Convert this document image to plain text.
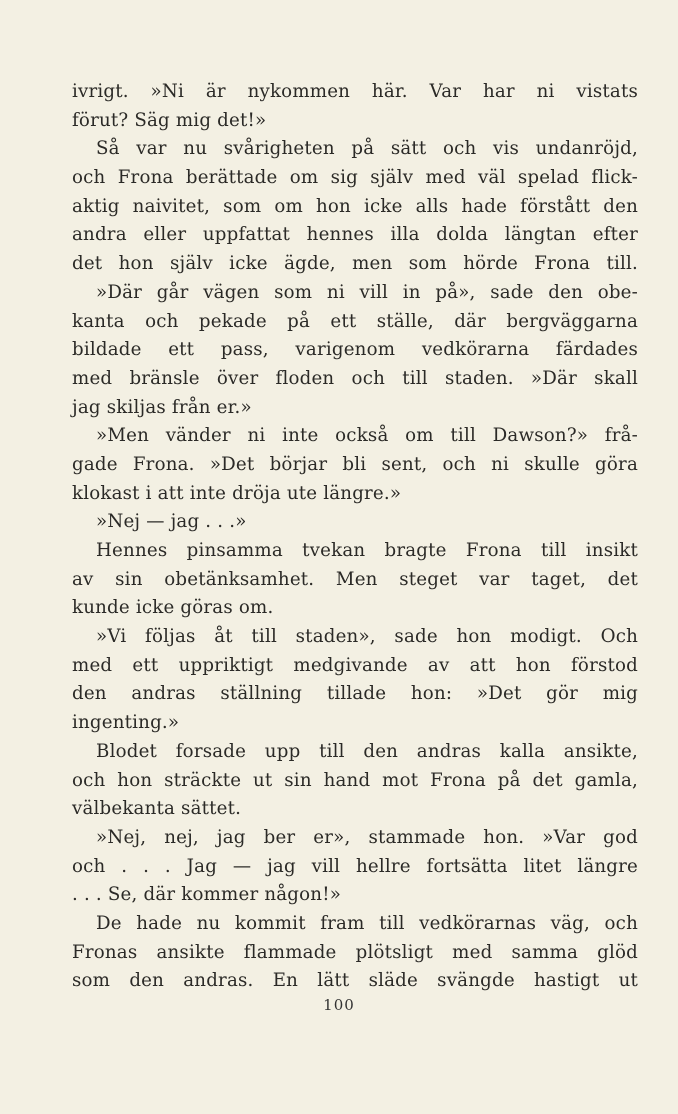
ivrigt. »Ni är nykommen här. Var har ni vistats
förut? Säg mig det!»
Så var nu svårigheten på sätt och vis undanröjd,
och Frona berättade om sig själv med väl spelad flick-
aktig naivitet, som om hon icke alls hade förstått den
andra eller uppfattat hennes illa dolda längtan efter
det hon själv icke ägde, men som hörde Frona till.
»Där går vägen som ni vill in på», sade den obe-
kanta och pekade på ett ställe, där bergväggarna
bildade ett pass, varigenom vedkörarna färdades
med bränsle över floden och till staden. »Där skall
jag skiljas från er.»
»Men vänder ni inte också om till Dawson?» frå-
gade Frona. »Det börjar bli sent, och ni skulle göra
klokast i att inte dröja ute längre.»
»Nej — jag . . .»
Hennes pinsamma tvekan bragte Frona till insikt
av sin obetänksamhet. Men steget var taget, det
kunde icke göras om.
»Vi följas åt till staden», sade hon modigt. Och
med ett uppriktigt medgivande av att hon förstod
den andras ställning tillade hon: »Det gör mig
ingenting.»
Blodet forsade upp till den andras kalla ansikte,
och hon sträckte ut sin hand mot Frona på det gamla,
välbekanta sättet.
»Nej, nej, jag ber er», stammade hon. »Var god
och . . . Jag — jag vill hellre fortsätta litet längre
. . . Se, där kommer någon!»
De hade nu kommit fram till vedkörarnas väg, och
Fronas ansikte flammade plötsligt med samma glöd
som den andras. En lätt släde svängde hastigt ut
100
